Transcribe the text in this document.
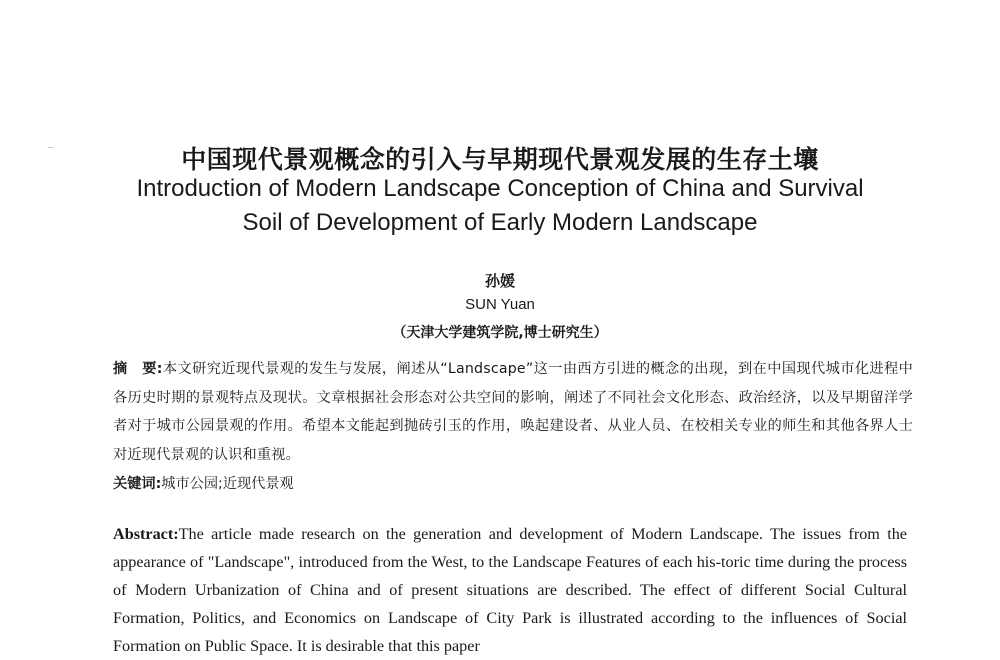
中国现代景观概念的引入与早期现代景观发展的生存土壤
Introduction of Modern Landscape Conception of China and Survival
Soil of Development of Early Modern Landscape
孙媛
SUN Yuan
（天津大学建筑学院,博士研究生）
摘　要:本文研究近现代景观的发生与发展，阐述从“Landscape”这一由西方引进的概念的出现，到在中国现代城市化进程中各历史时期的景观特点及现状。文章根据社会形态对公共空间的影响，阐述了不同社会文化形态、政治经济，以及早期留洋学者对于城市公园景观的作用。希望本文能起到抛砖引玉的作用，唤起建设者、从业人员、在校相关专业的师生和其他各界人士对近现代景观的认识和重视。
关键词:城市公园;近现代景观
Abstract:The article made research on the generation and development of Modern Landscape. The issues from the appearance of "Landscape", introduced from the West, to the Landscape Features of each his-toric time during the process of Modern Urbanization of China and of present situations are described. The effect of different Social Cultural Formation, Politics, and Economics on Landscape of City Park is illustrated according to the influences of Social Formation on Public Space. It is desirable that this paper
